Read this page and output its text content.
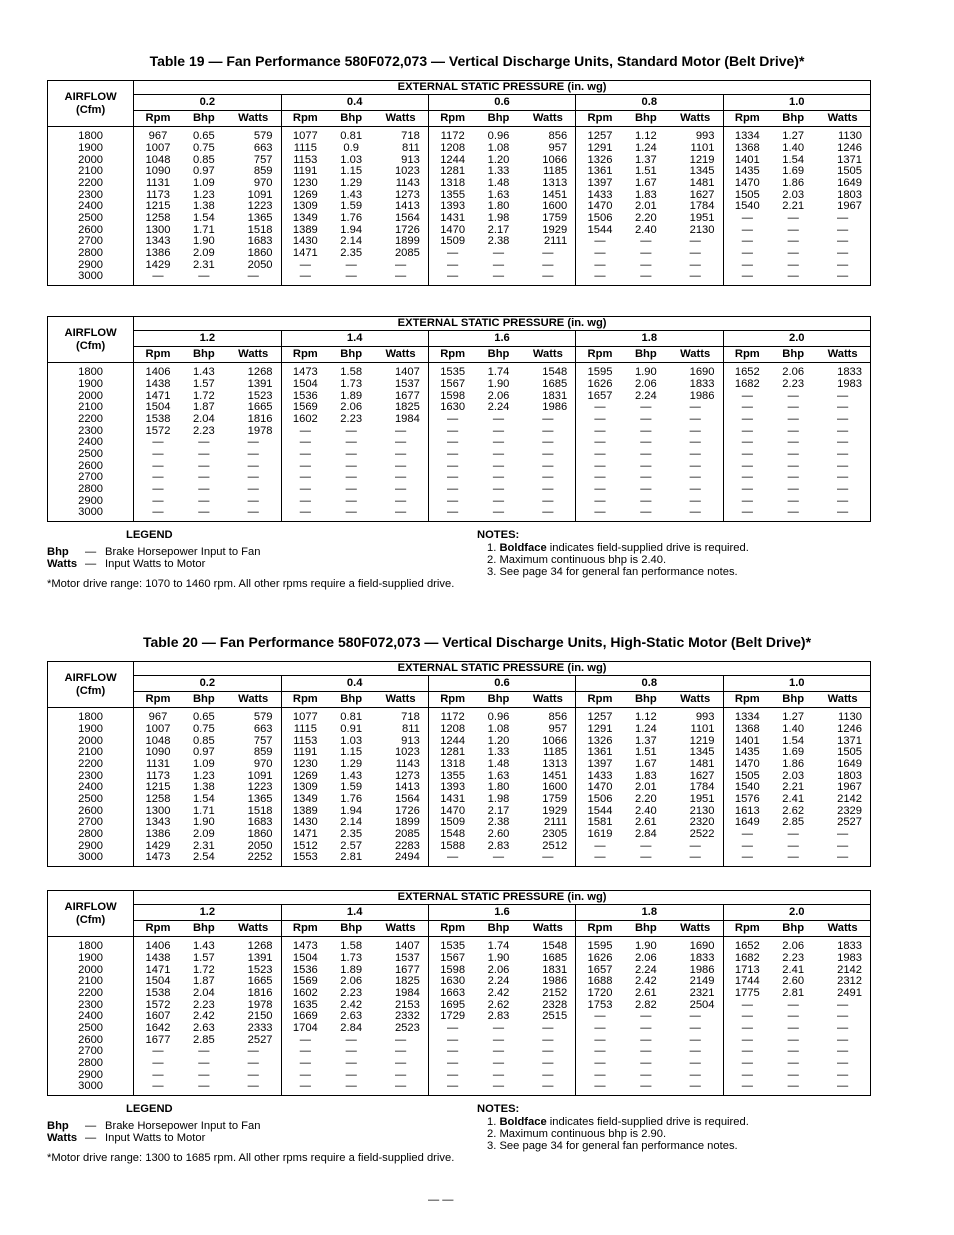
Table 19 — Fan Performance 580F072,073 — Vertical Discharge Units, Standard Motor (Belt Drive)*
AIRFLOW
(Cfm)	EXTERNAL STATIC PRESSURE (in. wg)														
	0.2			0.4			0.6			0.8			1.0		
	Rpm	Bhp	Watts	Rpm	Bhp	Watts	Rpm	Bhp	Watts	Rpm	Bhp	Watts	Rpm	Bhp	Watts
1800	967	0.65	579	1077	0.81	718	1172	0.96	856	1257	1.12	993	1334	1.27	1130
1900	1007	0.75	663	1115	0.9	811	1208	1.08	957	1291	1.24	1101	1368	1.40	1246
2000	1048	0.85	757	1153	1.03	913	1244	1.20	1066	1326	1.37	1219	1401	1.54	1371
2100	1090	0.97	859	1191	1.15	1023	1281	1.33	1185	1361	1.51	1345	1435	1.69	1505
2200	1131	1.09	970	1230	1.29	1143	1318	1.48	1313	1397	1.67	1481	1470	1.86	1649
2300	1173	1.23	1091	1269	1.43	1273	1355	1.63	1451	1433	1.83	1627	1505	2.03	1803
2400	1215	1.38	1223	1309	1.59	1413	1393	1.80	1600	1470	2.01	1784	1540	2.21	1967
2500	1258	1.54	1365	1349	1.76	1564	1431	1.98	1759	1506	2.20	1951	—	—	—
2600	1300	1.71	1518	1389	1.94	1726	1470	2.17	1929	1544	2.40	2130	—	—	—
2700	1343	1.90	1683	1430	2.14	1899	1509	2.38	2111	—	—	—	—	—	—
2800	1386	2.09	1860	1471	2.35	2085	—	—	—	—	—	—	—	—	—
2900	1429	2.31	2050	—	—	—	—	—	—	—	—	—	—	—	—
3000	—	—	—	—	—	—	—	—	—	—	—	—	—	—	—
AIRFLOW
(Cfm)	EXTERNAL STATIC PRESSURE (in. wg)														
	1.2			1.4			1.6			1.8			2.0		
	Rpm	Bhp	Watts	Rpm	Bhp	Watts	Rpm	Bhp	Watts	Rpm	Bhp	Watts	Rpm	Bhp	Watts
1800	1406	1.43	1268	1473	1.58	1407	1535	1.74	1548	1595	1.90	1690	1652	2.06	1833
1900	1438	1.57	1391	1504	1.73	1537	1567	1.90	1685	1626	2.06	1833	1682	2.23	1983
2000	1471	1.72	1523	1536	1.89	1677	1598	2.06	1831	1657	2.24	1986	—	—	—
2100	1504	1.87	1665	1569	2.06	1825	1630	2.24	1986	—	—	—	—	—	—
2200	1538	2.04	1816	1602	2.23	1984	—	—	—	—	—	—	—	—	—
2300	1572	2.23	1978	—	—	—	—	—	—	—	—	—	—	—	—
2400	—	—	—	—	—	—	—	—	—	—	—	—	—	—	—
2500	—	—	—	—	—	—	—	—	—	—	—	—	—	—	—
2600	—	—	—	—	—	—	—	—	—	—	—	—	—	—	—
2700	—	—	—	—	—	—	—	—	—	—	—	—	—	—	—
2800	—	—	—	—	—	—	—	—	—	—	—	—	—	—	—
2900	—	—	—	—	—	—	—	—	—	—	—	—	—	—	—
3000	—	—	—	—	—	—	—	—	—	—	—	—	—	—	—
LEGEND
Bhp	— Brake Horsepower Input to Fan
Watts — Input Watts to Motor
NOTES:
1. Boldface indicates field-supplied drive is required.
2. Maximum continuous bhp is 2.40.
3. See page 34 for general fan performance notes.
*Motor drive range: 1070 to 1460 rpm. All other rpms require a field-supplied drive.
Table 20 — Fan Performance 580F072,073 — Vertical Discharge Units, High-Static Motor (Belt Drive)*
AIRFLOW
(Cfm)	EXTERNAL STATIC PRESSURE (in. wg)														
	0.2			0.4			0.6			0.8			1.0		
	Rpm	Bhp	Watts	Rpm	Bhp	Watts	Rpm	Bhp	Watts	Rpm	Bhp	Watts	Rpm	Bhp	Watts
1800	967	0.65	579	1077	0.81	718	1172	0.96	856	1257	1.12	993	1334	1.27	1130
1900	1007	0.75	663	1115	0.91	811	1208	1.08	957	1291	1.24	1101	1368	1.40	1246
2000	1048	0.85	757	1153	1.03	913	1244	1.20	1066	1326	1.37	1219	1401	1.54	1371
2100	1090	0.97	859	1191	1.15	1023	1281	1.33	1185	1361	1.51	1345	1435	1.69	1505
2200	1131	1.09	970	1230	1.29	1143	1318	1.48	1313	1397	1.67	1481	1470	1.86	1649
2300	1173	1.23	1091	1269	1.43	1273	1355	1.63	1451	1433	1.83	1627	1505	2.03	1803
2400	1215	1.38	1223	1309	1.59	1413	1393	1.80	1600	1470	2.01	1784	1540	2.21	1967
2500	1258	1.54	1365	1349	1.76	1564	1431	1.98	1759	1506	2.20	1951	1576	2.41	2142
2600	1300	1.71	1518	1389	1.94	1726	1470	2.17	1929	1544	2.40	2130	1613	2.62	2329
2700	1343	1.90	1683	1430	2.14	1899	1509	2.38	2111	1581	2.61	2320	1649	2.85	2527
2800	1386	2.09	1860	1471	2.35	2085	1548	2.60	2305	1619	2.84	2522	—	—	—
2900	1429	2.31	2050	1512	2.57	2283	1588	2.83	2512	—	—	—	—	—	—
3000	1473	2.54	2252	1553	2.81	2494	—	—	—	—	—	—	—	—	—
AIRFLOW
(Cfm)	EXTERNAL STATIC PRESSURE (in. wg)														
	1.2			1.4			1.6			1.8			2.0		
	Rpm	Bhp	Watts	Rpm	Bhp	Watts	Rpm	Bhp	Watts	Rpm	Bhp	Watts	Rpm	Bhp	Watts
1800	1406	1.43	1268	1473	1.58	1407	1535	1.74	1548	1595	1.90	1690	1652	2.06	1833
1900	1438	1.57	1391	1504	1.73	1537	1567	1.90	1685	1626	2.06	1833	1682	2.23	1983
2000	1471	1.72	1523	1536	1.89	1677	1598	2.06	1831	1657	2.24	1986	1713	2.41	2142
2100	1504	1.87	1665	1569	2.06	1825	1630	2.24	1986	1688	2.42	2149	1744	2.60	2312
2200	1538	2.04	1816	1602	2.23	1984	1663	2.42	2152	1720	2.61	2321	1775	2.81	2491
2300	1572	2.23	1978	1635	2.42	2153	1695	2.62	2328	1753	2.82	2504	—	—	—
2400	1607	2.42	2150	1669	2.63	2332	1729	2.83	2515	—	—	—	—	—	—
2500	1642	2.63	2333	1704	2.84	2523	—	—	—	—	—	—	—	—	—
2600	1677	2.85	2527	—	—	—	—	—	—	—	—	—	—	—	—
2700	—	—	—	—	—	—	—	—	—	—	—	—	—	—	—
2800	—	—	—	—	—	—	—	—	—	—	—	—	—	—	—
2900	—	—	—	—	—	—	—	—	—	—	—	—	—	—	—
3000	—	—	—	—	—	—	—	—	—	—	—	—	—	—	—
LEGEND
Bhp	— Brake Horsepower Input to Fan
Watts — Input Watts to Motor
NOTES:
1. Boldface indicates field-supplied drive is required.
2. Maximum continuous bhp is 2.90.
3. See page 34 for general fan performance notes.
*Motor drive range: 1300 to 1685 rpm. All other rpms require a field-supplied drive.
— —
